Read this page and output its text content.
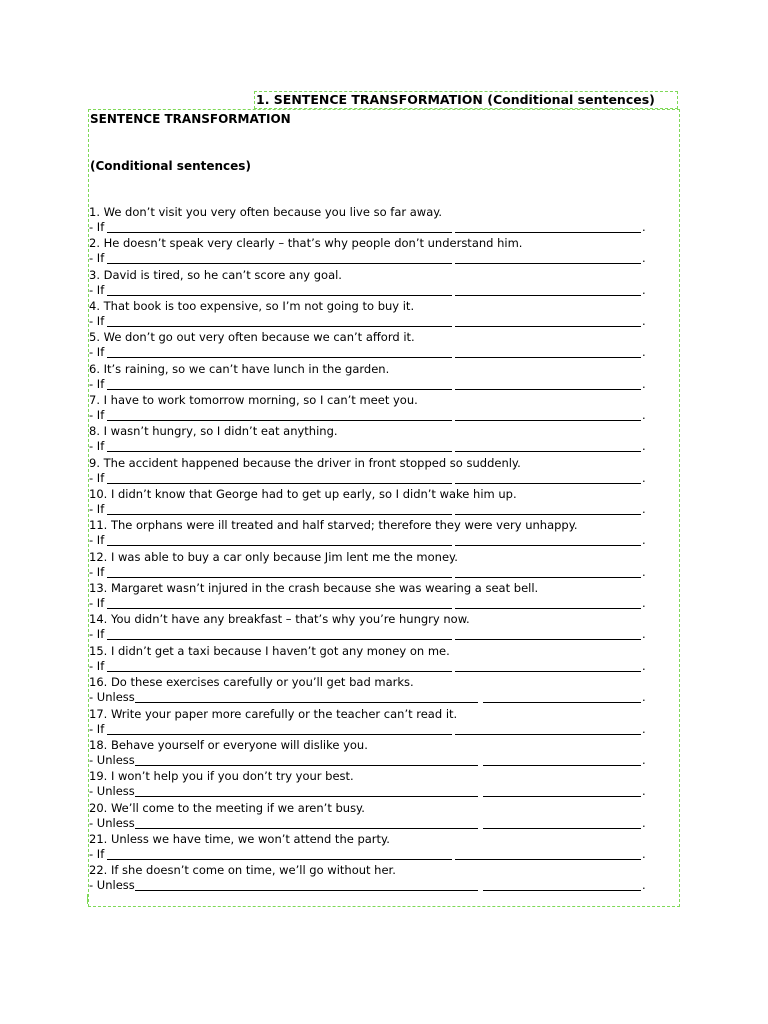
1. SENTENCE TRANSFORMATION (Conditional sentences)
SENTENCE TRANSFORMATION
(Conditional sentences)
1. We don’t visit you very often because you live so far away.
- If	.
2. He doesn’t speak very clearly – that’s why people don’t understand him.
- If	.
3. David is tired, so he can’t score any goal.
- If	.
4. That book is too expensive, so I’m not going to buy it.
- If	.
5. We don’t go out very often because we can’t afford it.
- If	.
6. It’s raining, so we can’t have lunch in the garden.
- If	.
7. I have to work tomorrow morning, so I can’t meet you.
- If	.
8. I wasn’t hungry, so I didn’t eat anything.
- If	.
9. The accident happened because the driver in front stopped so suddenly.
- If	.
10. I didn’t know that George had to get up early, so I didn’t wake him up.
- If	.
11. The orphans were ill treated and half starved; therefore they were very unhappy.
- If	.
12. I was able to buy a car only because Jim lent me the money.
- If	.
13. Margaret wasn’t injured in the crash because she was wearing a seat bell.
- If	.
14. You didn’t have any breakfast – that’s why you’re hungry now.
- If	.
15. I didn’t get a taxi because I haven’t got any money on me.
- If	.
16. Do these exercises carefully or you’ll get bad marks.
- Unless	.
17. Write your paper more carefully or the teacher can’t read it.
- If	.
18. Behave yourself or everyone will dislike you.
- Unless	.
19. I won’t help you if you don’t try your best.
- Unless	.
20. We’ll come to the meeting if we aren’t busy.
- Unless	.
21. Unless we have time, we won’t attend the party.
- If	.
22. If she doesn’t come on time, we’ll go without her.
- Unless	.
